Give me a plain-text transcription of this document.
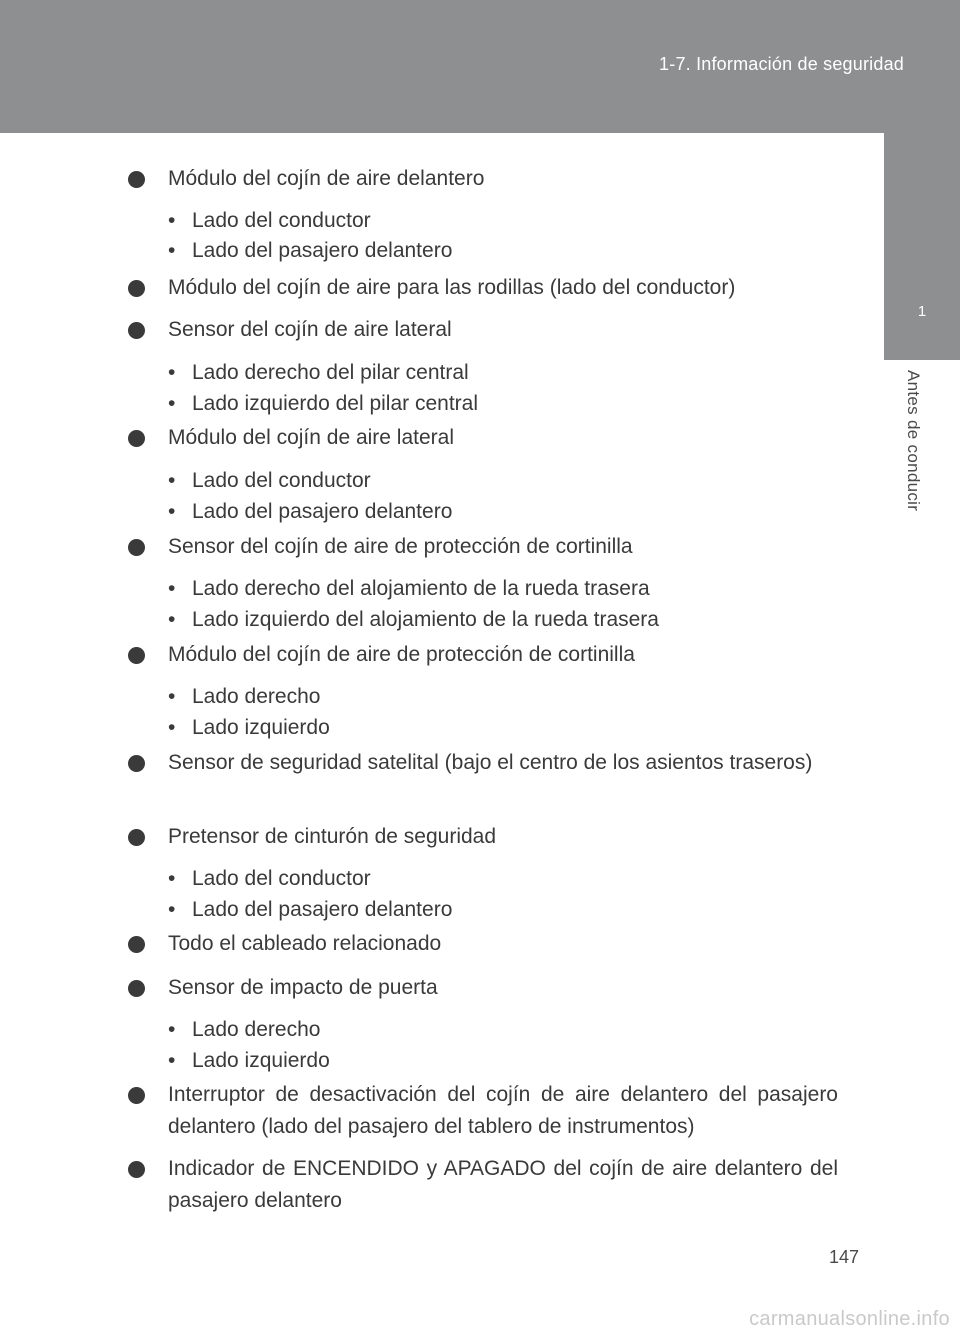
1-7. Información de seguridad
1
Antes de conducir
Módulo del cojín de aire delantero
• Lado del conductor
• Lado del pasajero delantero
Módulo del cojín de aire para las rodillas (lado del conductor)
Sensor del cojín de aire lateral
• Lado derecho del pilar central
• Lado izquierdo del pilar central
Módulo del cojín de aire lateral
• Lado del conductor
• Lado del pasajero delantero
Sensor del cojín de aire de protección de cortinilla
• Lado derecho del alojamiento de la rueda trasera
• Lado izquierdo del alojamiento de la rueda trasera
Módulo del cojín de aire de protección de cortinilla
• Lado derecho
• Lado izquierdo
Sensor de seguridad satelital (bajo el centro de los asientos traseros)
Pretensor de cinturón de seguridad
• Lado del conductor
• Lado del pasajero delantero
Todo el cableado relacionado
Sensor de impacto de puerta
• Lado derecho
• Lado izquierdo
Interruptor de desactivación del cojín de aire delantero del pasajero delantero (lado del pasajero del tablero de instrumentos)
Indicador de ENCENDIDO y APAGADO del cojín de aire delantero del pasajero delantero
147
carmanualsonline.info
